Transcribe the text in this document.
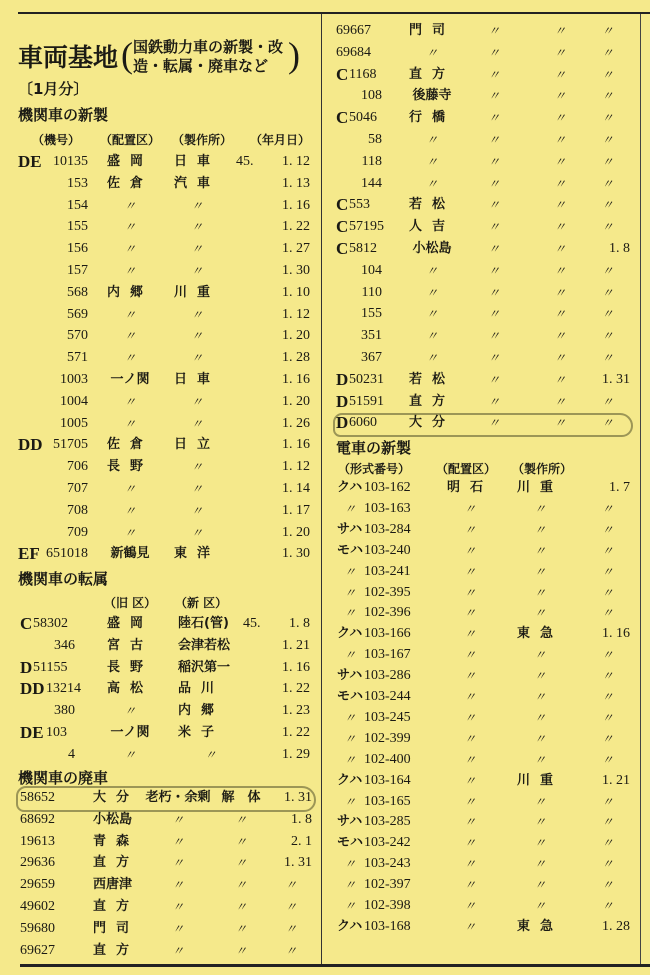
車両基地 ( 国鉄動力車の新製・改
造・転属・廃車など )
〔1月分〕
機関車の新製
（機号） （配置区） （製作所） （年月日）
機関車の転属
（旧 区） （新 区）
機関車の廃車
電車の新製
（形式番号） （配置区） （製作所）
DE 10135	盛岡	日車	45.	1. 12
153	佐倉	汽車	1. 13
154	〃	〃	1. 16
155	〃	〃	1. 22
156	〃	〃	1. 27
157	〃	〃	1. 30
568	内郷	川重	1. 10
569	〃	〃	1. 12
570	〃	〃	1. 20
571	〃	〃	1. 28
1003	一ノ関	日車	1. 16
1004	〃	〃	1. 20
1005	〃	〃	1. 26
DD 51705	佐倉	日立	1. 16
706	長野	〃	1. 12
707	〃	〃	1. 14
708	〃	〃	1. 17
709	〃	〃	1. 20
EF 651018	新鶴見	東洋	1. 30
C 58302	盛岡	陸石(管)	45.	1. 8
346	宮古	会津若松	1. 21
D 51155	長野	稲沢第一	1. 16
DD 13214	高松	品川	1. 22
380	〃	内郷	1. 23
DE 103	一ノ関	米子	1. 22
4	〃	〃	1. 29
58652	大分 老朽・余剰 解　体	1. 31
68692	小松島	〃	〃	1. 8
19613	青森	〃	〃	2. 1
29636	直方	〃	〃	1. 31
29659	西唐津	〃	〃	〃
49602	直方	〃	〃	〃
59680	門司	〃	〃	〃
69627	直方	〃	〃	〃
69667	門司	〃	〃	〃
69684	〃	〃	〃	〃
C 1168	直方	〃	〃	〃
108	後藤寺	〃	〃	〃
C 5046	行橋	〃	〃	〃
58	〃	〃	〃	〃
118	〃	〃	〃	〃
144	〃	〃	〃	〃
C 553	若松	〃	〃	〃
C 57195	人吉	〃	〃	〃
C 5812	小松島	〃	〃	1. 8
104	〃	〃	〃	〃
110	〃	〃	〃	〃
155	〃	〃	〃	〃
351	〃	〃	〃	〃
367	〃	〃	〃	〃
D 50231	若松	〃	〃	1. 31
D 51591	直方	〃	〃	〃
D 6060	大分	〃	〃	〃
クハ 103-162	明石	川重	1. 7
〃 103-163	〃	〃	〃
サハ 103-284	〃	〃	〃
モハ 103-240	〃	〃	〃
〃 103-241	〃	〃	〃
〃 102-395	〃	〃	〃
〃 102-396	〃	〃	〃
クハ 103-166	〃	東急	1. 16
〃 103-167	〃	〃	〃
サハ 103-286	〃	〃	〃
モハ 103-244	〃	〃	〃
〃 103-245	〃	〃	〃
〃 102-399	〃	〃	〃
〃 102-400	〃	〃	〃
クハ 103-164	〃	川重	1. 21
〃 103-165	〃	〃	〃
サハ 103-285	〃	〃	〃
モハ 103-242	〃	〃	〃
〃 103-243	〃	〃	〃
〃 102-397	〃	〃	〃
〃 102-398	〃	〃	〃
クハ 103-168	〃	東急	1. 28
